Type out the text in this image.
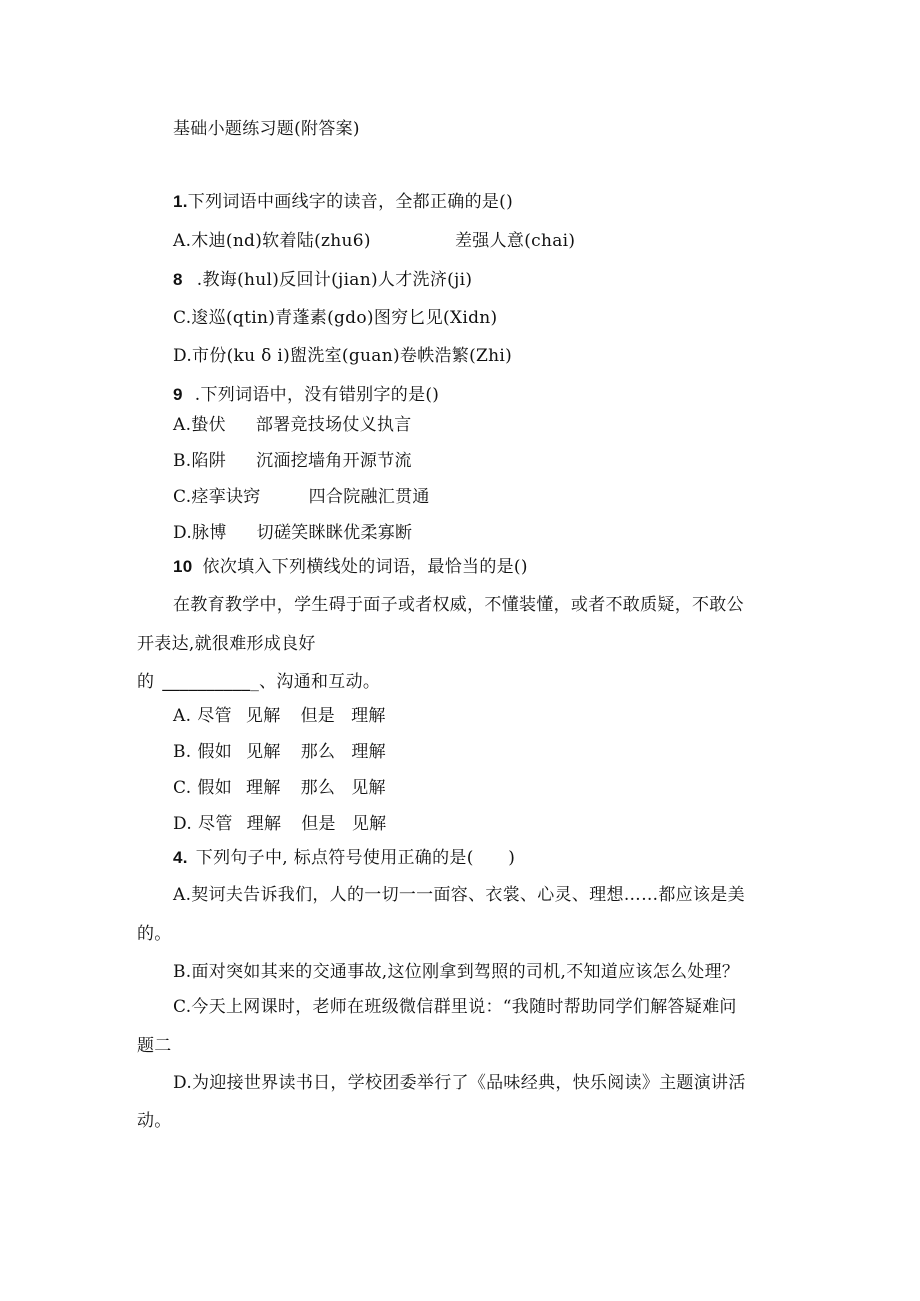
基础小题练习题(附答案)
1.下列词语中画线字的读音，全都正确的是()
A.木迪(nd)软着陆(zhu6)	差强人意(chai)
8 .教诲(hul)反回计(jian)人才洗济(ji)
C.逡巡(qtin)青蓬素(gdo)图穷匕见(Xidn)
D.市份(ku δ i)盥洗室(guan)卷帙浩繁(Zhi)
9 .下列词语中，没有错别字的是()
A.蛰伏 部署竞技场仗义执言
B.陷阱 沉湎挖墙角开源节流
C.痉挛诀窍	四合院融汇贯通
D.脉博 切磋笑眯眯优柔寡断
10 依次填入下列横线处的词语，最恰当的是()
在教育教学中，学生碍于面子或者权威，不懂装懂，或者不敢质疑，不敢公
开表达,就很难形成良好
的 ___________、沟通和互动。
A. 尽管 见解 但是 理解
B. 假如 见解 那么 理解
C. 假如 理解 那么 见解
D. 尽管 理解 但是 见解
4. 下列句子中, 标点符号使用正确的是(　　)
A.契诃夫告诉我们，人的一切一一面容、衣裳、心灵、理想……都应该是美
的。
B.面对突如其来的交通事故,这位刚拿到驾照的司机,不知道应该怎么处理？
C.今天上网课时，老师在班级微信群里说：“我随时帮助同学们解答疑难问
题二
D.为迎接世界读书日，学校团委举行了《品味经典，快乐阅读》主题演讲活
动。
